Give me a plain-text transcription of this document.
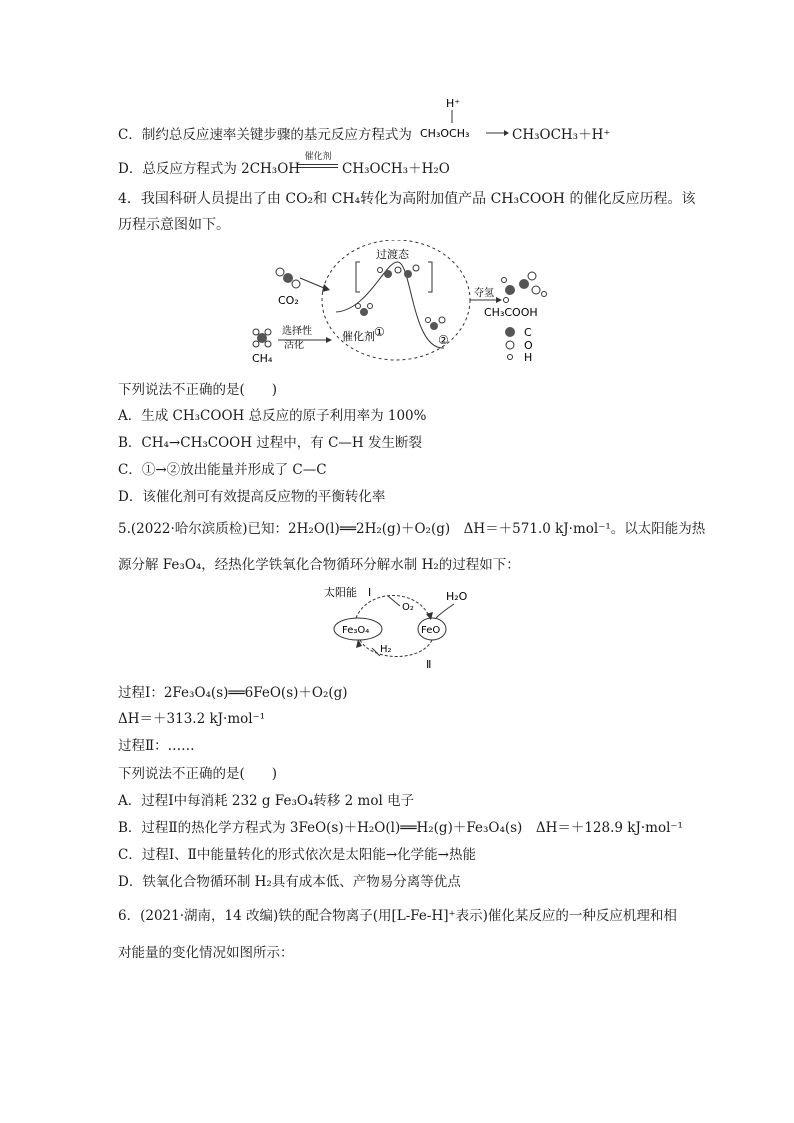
C．制约总反应速率关键步骤的基元反应方程式为
H⁺
CH₃OCH₃	CH₃OCH₃＋H⁺
D．总反应方程式为 2CH₃OH
催化剂
CH₃OCH₃＋H₂O
4．我国科研人员提出了由 CO₂和 CH₄转化为高附加值产品 CH₃COOH 的催化反应历程。该
历程示意图如下。
CO₂
CH₄
选择性
活化
过渡态
催化剂 ①
②
夺氢
CH₃COOH
C
O
H
下列说法不正确的是(　　)
A．生成 CH₃COOH 总反应的原子利用率为 100%
B．CH₄→CH₃COOH 过程中，有 C—H 发生断裂
C．①→②放出能量并形成了 C—C
D．该催化剂可有效提高反应物的平衡转化率
5.(2022·哈尔滨质检)已知：2H₂O(l)══2H₂(g)＋O₂(g)　ΔH＝＋571.0 kJ·mol⁻¹。以太阳能为热
源分解 Fe₃O₄，经热化学铁氧化合物循环分解水制 H₂的过程如下：
太阳能 Ⅰ
O₂
H₂O
Fe₃O₄	FeO
H₂
Ⅱ
过程Ⅰ：2Fe₃O₄(s)══6FeO(s)＋O₂(g)
ΔH＝＋313.2 kJ·mol⁻¹
过程Ⅱ：……
下列说法不正确的是(　　)
A．过程Ⅰ中每消耗 232 g Fe₃O₄转移 2 mol 电子
B．过程Ⅱ的热化学方程式为 3FeO(s)＋H₂O(l)══H₂(g)＋Fe₃O₄(s)　ΔH＝＋128.9 kJ·mol⁻¹
C．过程Ⅰ、Ⅱ中能量转化的形式依次是太阳能→化学能→热能
D．铁氧化合物循环制 H₂具有成本低、产物易分离等优点
6．(2021·湖南，14 改编)铁的配合物离子(用[L-Fe-H]⁺表示)催化某反应的一种反应机理和相
对能量的变化情况如图所示：
